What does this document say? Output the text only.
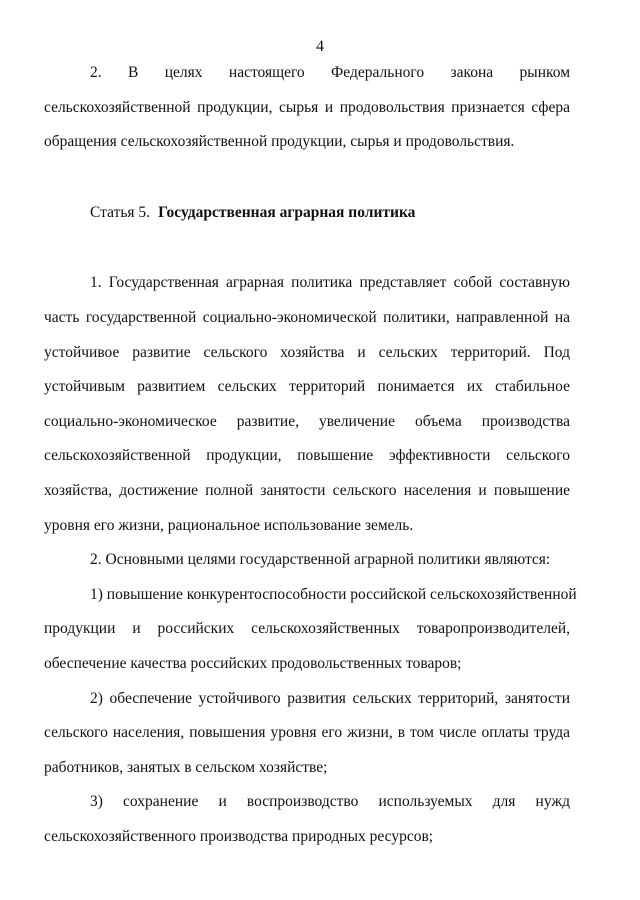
4
2. В целях настоящего Федерального закона рынком
сельскохозяйственной продукции, сырья и продовольствия признается сфера
обращения сельскохозяйственной продукции, сырья и продовольствия.
Статья 5. Государственная аграрная политика
1. Государственная аграрная политика представляет собой составную
часть государственной социально-экономической политики, направленной на
устойчивое развитие сельского хозяйства и сельских территорий. Под
устойчивым развитием сельских территорий понимается их стабильное
социально-экономическое развитие, увеличение объема производства
сельскохозяйственной продукции, повышение эффективности сельского
хозяйства, достижение полной занятости сельского населения и повышение
уровня его жизни, рациональное использование земель.
2. Основными целями государственной аграрной политики являются:
1) повышение конкурентоспособности российской сельскохозяйственной
продукции и российских сельскохозяйственных товаропроизводителей,
обеспечение качества российских продовольственных товаров;
2) обеспечение устойчивого развития сельских территорий, занятости
сельского населения, повышения уровня его жизни, в том числе оплаты труда
работников, занятых в сельском хозяйстве;
3) сохранение и воспроизводство используемых для нужд
сельскохозяйственного производства природных ресурсов;
